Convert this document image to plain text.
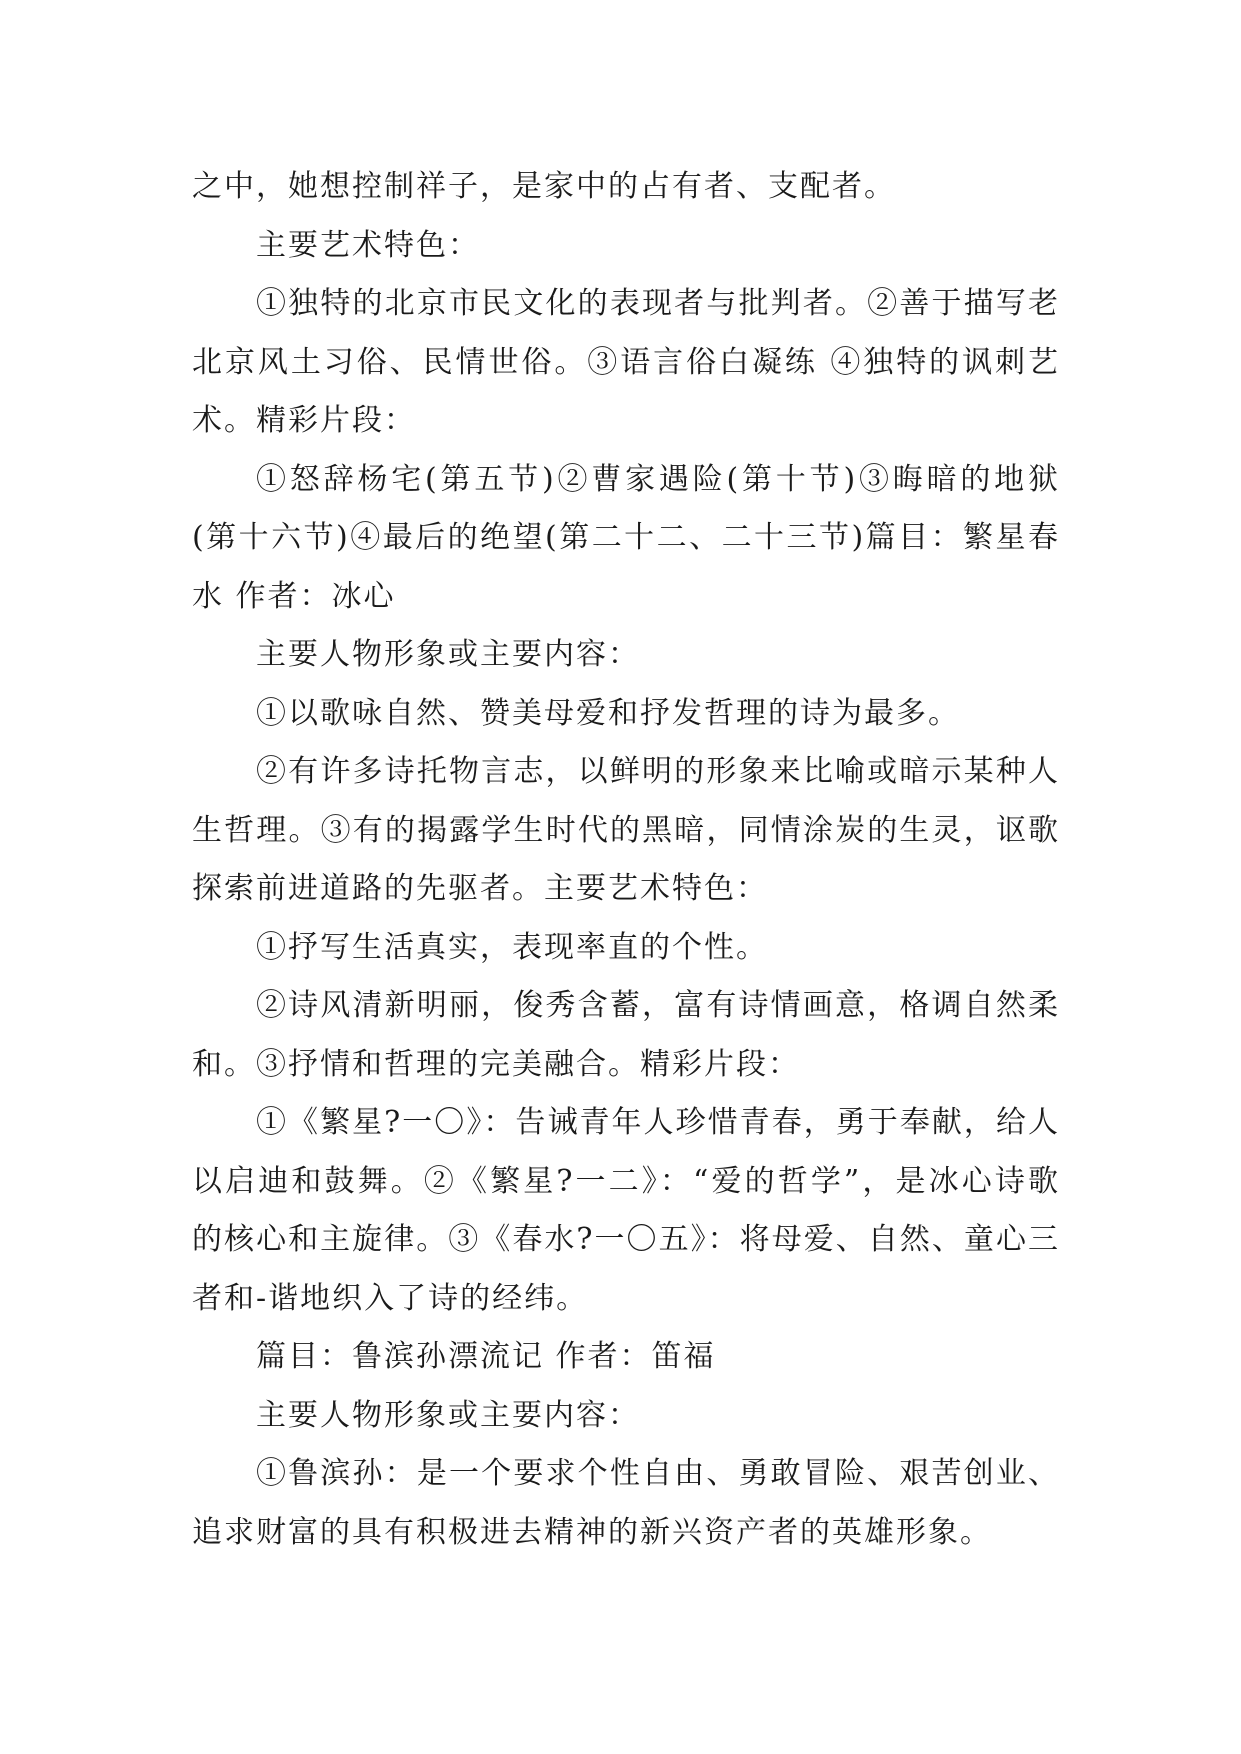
之中，她想控制祥子，是家中的占有者、支配者。

主要艺术特色：

①独特的北京市民文化的表现者与批判者。②善于描写老北京风土习俗、民情世俗。③语言俗白凝练 ④独特的讽刺艺术。精彩片段：

①怒辞杨宅(第五节)②曹家遇险(第十节)③晦暗的地狱(第十六节)④最后的绝望(第二十二、二十三节)篇目：繁星春水 作者：冰心

主要人物形象或主要内容：

①以歌咏自然、赞美母爱和抒发哲理的诗为最多。

②有许多诗托物言志，以鲜明的形象来比喻或暗示某种人生哲理。③有的揭露学生时代的黑暗，同情涂炭的生灵，讴歌探索前进道路的先驱者。主要艺术特色：

①抒写生活真实，表现率直的个性。

②诗风清新明丽，俊秀含蓄，富有诗情画意，格调自然柔和。③抒情和哲理的完美融合。精彩片段：

①《繁星?一〇》：告诫青年人珍惜青春，勇于奉献，给人以启迪和鼓舞。②《繁星?一二》：“爱的哲学”，是冰心诗歌的核心和主旋律。③《春水?一〇五》：将母爱、自然、童心三者和-谐地织入了诗的经纬。

篇目：鲁滨孙漂流记 作者：笛福

主要人物形象或主要内容：

①鲁滨孙：是一个要求个性自由、勇敢冒险、艰苦创业、追求财富的具有积极进去精神的新兴资产者的英雄形象。
